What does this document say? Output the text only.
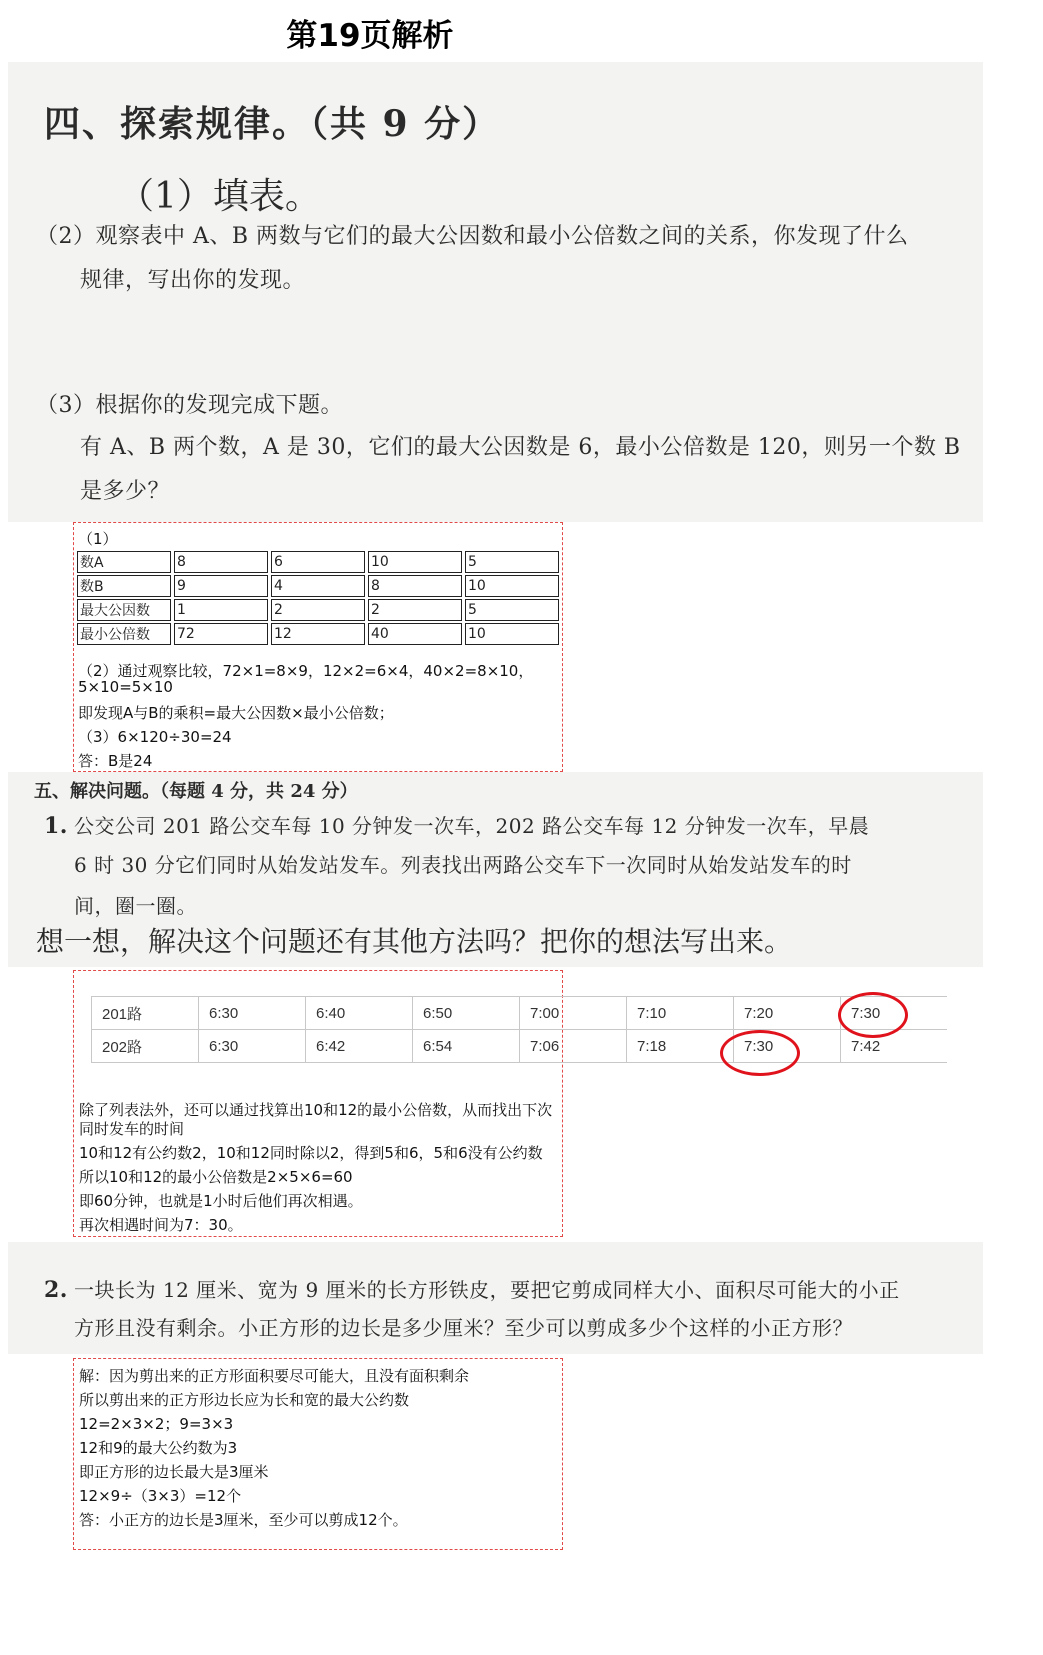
第19页解析
四、探索规律。（共 9 分）
（1）填表。
（2）观察表中 A、B 两数与它们的最大公因数和最小公倍数之间的关系，你发现了什么
规律，写出你的发现。
（3）根据你的发现完成下题。
有 A、B 两个数，A 是 30，它们的最大公因数是 6，最小公倍数是 120，则另一个数 B
是多少？
（1）
数A	8	6	10	5
数B	9	4	8	10
最大公因数	1	2	2	5
最小公倍数	72	12	40	10
（2）通过观察比较，72×1=8×9，12×2=6×4，40×2=8×10，
5×10=5×10
即发现A与B的乘积=最大公因数×最小公倍数；
（3）6×120÷30=24
答：B是24
五、解决问题。（每题 4 分，共 24 分）
1. 公交公司 201 路公交车每 10 分钟发一次车，202 路公交车每 12 分钟发一次车，早晨
6 时 30 分它们同时从始发站发车。列表找出两路公交车下一次同时从始发站发车的时
间，圈一圈。
想一想，解决这个问题还有其他方法吗？把你的想法写出来。
201路	6:30	6:40	6:50	7:00	7:10	7:20	7:30
202路	6:30	6:42	6:54	7:06	7:18	7:30	7:42
除了列表法外，还可以通过找算出10和12的最小公倍数，从而找出下次
同时发车的时间
10和12有公约数2，10和12同时除以2，得到5和6，5和6没有公约数
所以10和12的最小公倍数是2×5×6=60
即60分钟，也就是1小时后他们再次相遇。
再次相遇时间为7：30。
2. 一块长为 12 厘米、宽为 9 厘米的长方形铁皮，要把它剪成同样大小、面积尽可能大的小正
方形且没有剩余。小正方形的边长是多少厘米？至少可以剪成多少个这样的小正方形？
解：因为剪出来的正方形面积要尽可能大，且没有面积剩余
所以剪出来的正方形边长应为长和宽的最大公约数
12=2×3×2；9=3×3
12和9的最大公约数为3
即正方形的边长最大是3厘米
12×9÷（3×3）=12个
答：小正方的边长是3厘米，至少可以剪成12个。
